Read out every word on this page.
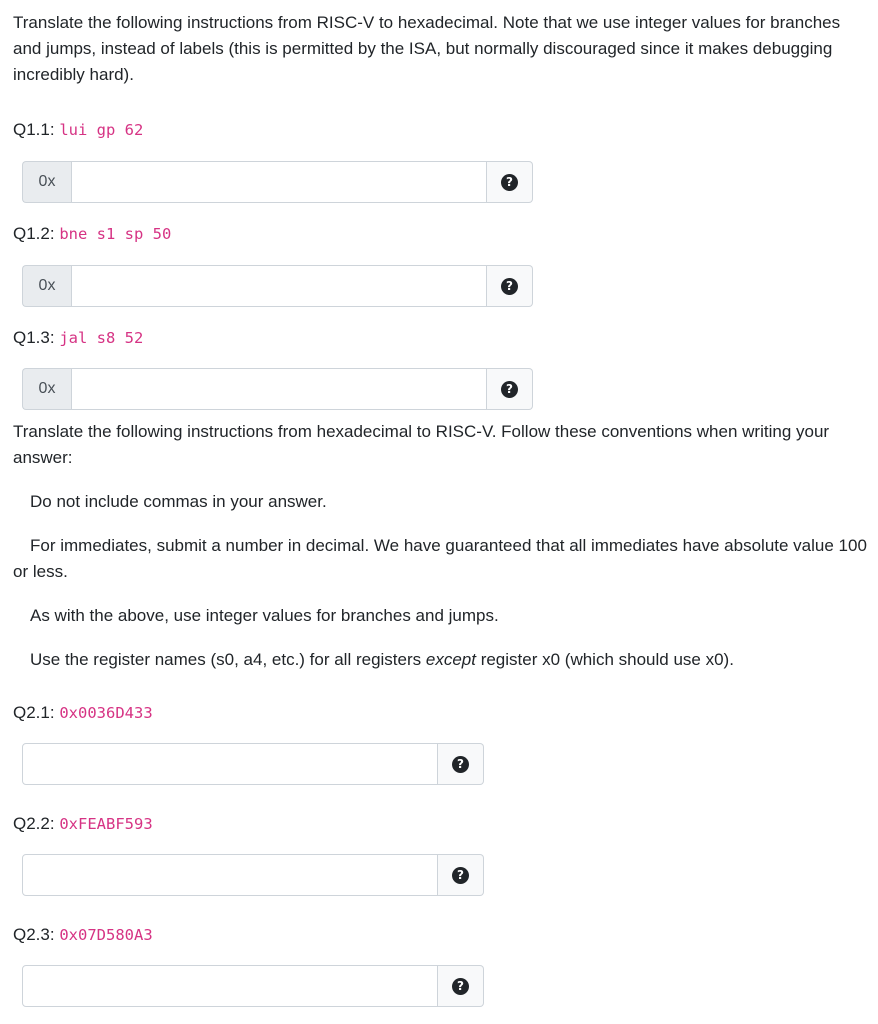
Translate the following instructions from RISC-V to hexadecimal. Note that we use integer values for branches and jumps, instead of labels (this is permitted by the ISA, but normally discouraged since it makes debugging incredibly hard).

Q1.1: lui gp 62

0x	?

Q1.2: bne s1 sp 50

0x	?

Q1.3: jal s8 52

0x	?

Translate the following instructions from hexadecimal to RISC-V. Follow these conventions when writing your answer:

Do not include commas in your answer.

For immediates, submit a number in decimal. We have guaranteed that all immediates have absolute value 100 or less.

As with the above, use integer values for branches and jumps.

Use the register names (s0, a4, etc.) for all registers except register x0 (which should use x0).

Q2.1: 0x0036D433

?

Q2.2: 0xFEABF593

?

Q2.3: 0x07D580A3

?
